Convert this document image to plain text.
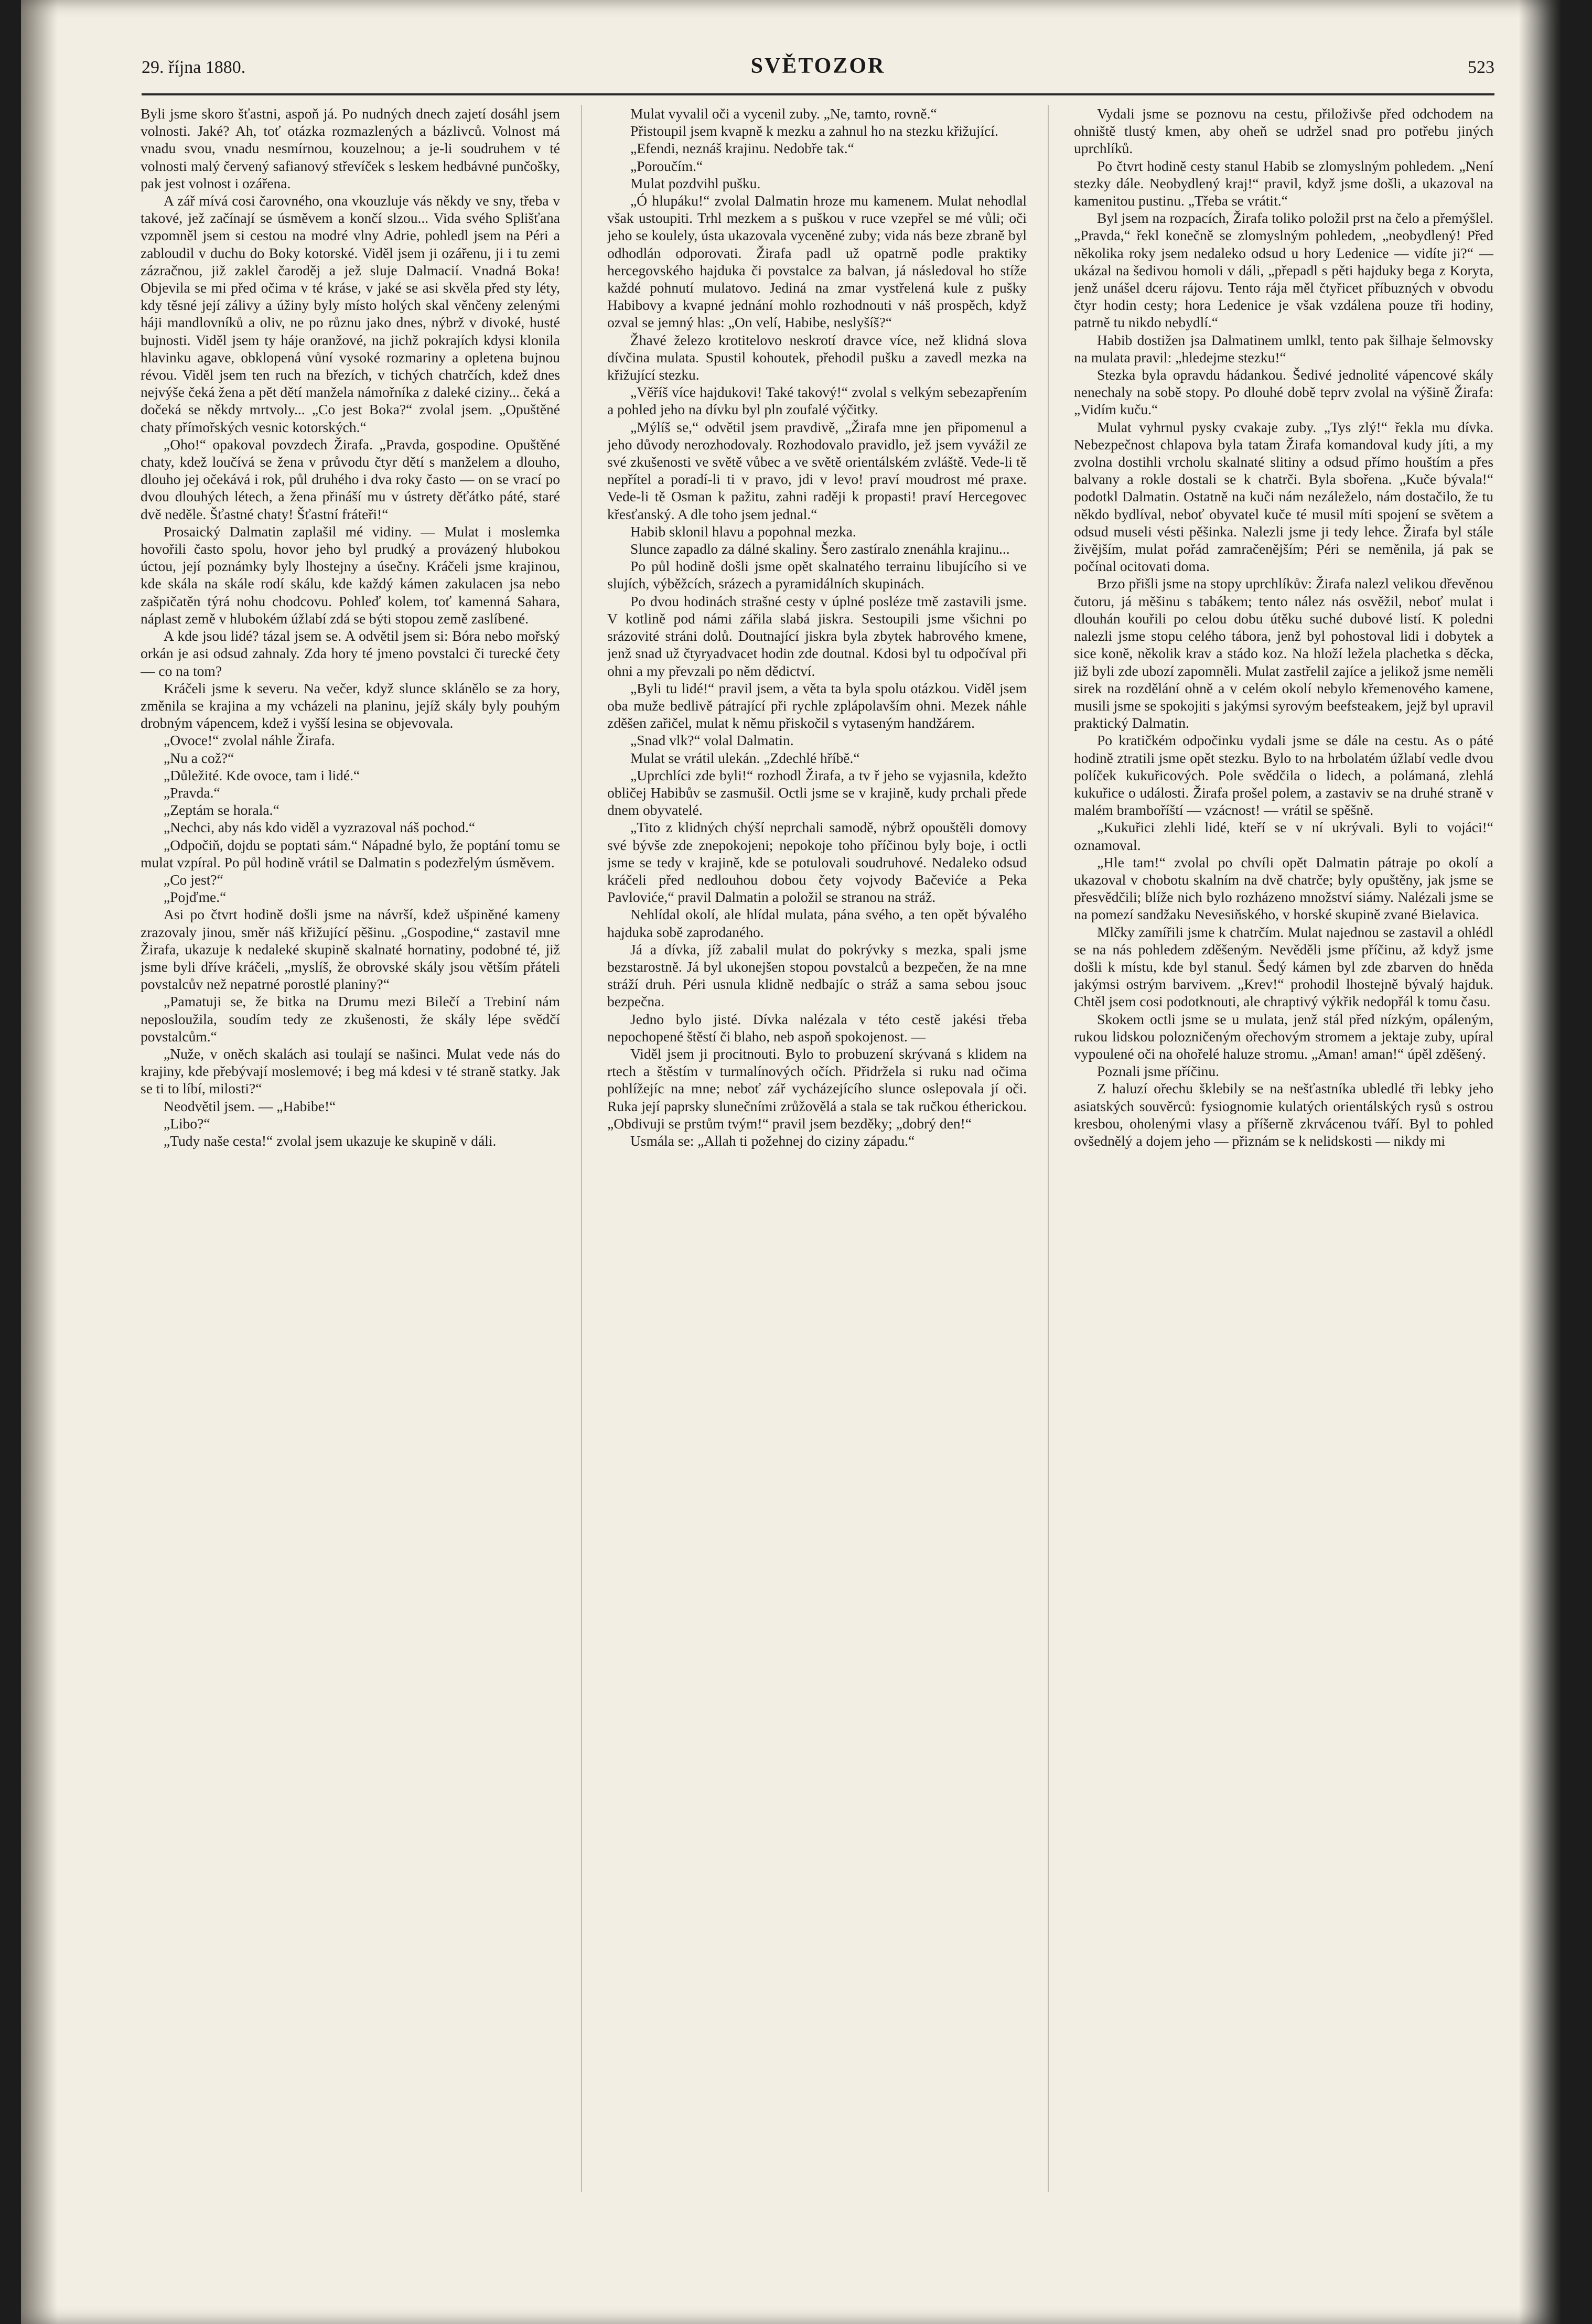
29. října 1880.	SVĚTOZOR	523

Byli jsme skoro šťastni, aspoň já. Po nudných dnech zajetí dosáhl jsem volnosti. Jaké? Ah, toť otázka rozmazlených a bázlivců. Volnost má vnadu svou, vnadu nesmírnou, kouzelnou; a je-li soudruhem v té volnosti malý červený safianový střevíček s leskem hedbávné punčošky, pak jest volnost i ozářena.

A zář mívá cosi čarovného, ona vkouzluje vás někdy ve sny, třeba v takové, jež začínají se úsměvem a končí slzou... Vida svého Splišťana vzpomněl jsem si cestou na modré vlny Adrie, pohledl jsem na Péri a zabloudil v duchu do Boky kotorské. Viděl jsem ji ozářenu, ji i tu zemi zázračnou, již zaklel čaroděj a jež sluje Dalmacií. Vnadná Boka! Objevila se mi před očima v té kráse, v jaké se asi skvěla před sty léty, kdy těsné její zálivy a úžiny byly místo holých skal věnčeny zelenými háji mandlovníků a oliv, ne po různu jako dnes, nýbrž v divoké, husté bujnosti. Viděl jsem ty háje oranžové, na jichž pokrajích kdysi klonila hlavinku agave, obklopená vůní vysoké rozmariny a opletena bujnou révou. Viděl jsem ten ruch na březích, v tichých chatrčích, kdež dnes nejvýše čeká žena a pět dětí manžela námořníka z daleké ciziny... čeká a dočeká se někdy mrtvoly... „Co jest Boka?“ zvolal jsem. „Opuštěné chaty přímořských vesnic kotorských.“

„Oho!“ opakoval povzdech Žirafa. „Pravda, gospodine. Opuštěné chaty, kdež loučívá se žena v průvodu čtyr dětí s manželem a dlouho, dlouho jej očekává i rok, půl druhého i dva roky často — on se vrací po dvou dlouhých létech, a žena přináší mu v ústrety děťátko páté, staré dvě neděle. Šťastné chaty! Šťastní fráteři!“

Prosaický Dalmatin zaplašil mé vidiny. — Mulat i moslemka hovořili často spolu, hovor jeho byl prudký a provázený hlubokou úctou, její poznámky byly lhostejny a úsečny. Kráčeli jsme krajinou, kde skála na skále rodí skálu, kde každý kámen zakulacen jsa nebo zašpičatěn týrá nohu chodcovu. Pohleď kolem, toť kamenná Sahara, náplast země v hlubokém úžlabí zdá se býti stopou země zaslíbené.

A kde jsou lidé? tázal jsem se. A odvětil jsem si: Bóra nebo mořský orkán je asi odsud zahnaly. Zda hory té jmeno povstalci či turecké čety — co na tom?

Kráčeli jsme k severu. Na večer, když slunce sklánělo se za hory, změnila se krajina a my vcházeli na planinu, jejíž skály byly pouhým drobným vápencem, kdež i vyšší lesina se objevovala.

„Ovoce!“ zvolal náhle Žirafa.

„Nu a což?“

„Důležité. Kde ovoce, tam i lidé.“

„Pravda.“

„Zeptám se horala.“

„Nechci, aby nás kdo viděl a vyzrazoval náš pochod.“

„Odpočiň, dojdu se poptati sám.“ Nápadné bylo, že poptání tomu se mulat vzpíral. Po půl hodině vrátil se Dalmatin s podezřelým úsměvem.

„Co jest?“

„Pojďme.“

Asi po čtvrt hodině došli jsme na návrší, kdež ušpiněné kameny zrazovaly jinou, směr náš křižující pěšinu. „Gospodine,“ zastavil mne Žirafa, ukazuje k nedaleké skupině skalnaté hornatiny, podobné té, již jsme byli dříve kráčeli, „myslíš, že obrovské skály jsou větším přáteli povstalcův než nepatrné porostlé planiny?“

„Pamatuji se, že bitka na Drumu mezi Bilečí a Trebiní nám neposloužila, soudím tedy ze zkušenosti, že skály lépe svědčí povstalcům.“

„Nuže, v oněch skalách asi toulají se našinci. Mulat vede nás do krajiny, kde přebývají moslemové; i beg má kdesi v té straně statky. Jak se ti to líbí, milosti?“

Neodvětil jsem. — „Habibe!“

„Libo?“

„Tudy naše cesta!“ zvolal jsem ukazuje ke skupině v dáli.

Mulat vyvalil oči a vycenil zuby. „Ne, tamto, rovně.“

Přistoupil jsem kvapně k mezku a zahnul ho na stezku křižující.

„Efendi, neznáš krajinu. Nedobře tak.“

„Poroučím.“

Mulat pozdvihl pušku.

„Ó hlupáku!“ zvolal Dalmatin hroze mu kamenem. Mulat nehodlal však ustoupiti. Trhl mezkem a s puškou v ruce vzepřel se mé vůli; oči jeho se koulely, ústa ukazovala vyceněné zuby; vida nás beze zbraně byl odhodlán odporovati. Žirafa padl už opatrně podle praktiky hercegovského hajduka či povstalce za balvan, já následoval ho stíže každé pohnutí mulatovo. Jediná na zmar vystřelená kule z pušky Habibovy a kvapné jednání mohlo rozhodnouti v náš prospěch, když ozval se jemný hlas: „On velí, Habibe, neslyšíš?“

Žhavé železo krotitelovo neskrotí dravce více, než klidná slova dívčina mulata. Spustil kohoutek, přehodil pušku a zavedl mezka na křižující stezku.

„Věříš více hajdukovi! Také takový!“ zvolal s velkým sebezapřením a pohled jeho na dívku byl pln zoufalé výčitky.

„Mýlíš se,“ odvětil jsem pravdivě, „Žirafa mne jen připomenul a jeho důvody nerozhodovaly. Rozhodovalo pravidlo, jež jsem vyvážil ze své zkušenosti ve světě vůbec a ve světě orientálském zvláště. Vede-li tě nepřítel a poradí-li ti v pravo, jdi v levo! praví moudrost mé praxe. Vede-li tě Osman k pažitu, zahni raději k propasti! praví Hercegovec křesťanský. A dle toho jsem jednal.“

Habib sklonil hlavu a popohnal mezka.

Slunce zapadlo za dálné skaliny. Šero zastíralo znenáhla krajinu...

Po půl hodině došli jsme opět skalnatého terrainu libujícího si ve slujích, výběžcích, srázech a pyramidálních skupinách.

Po dvou hodinách strašné cesty v úplné posléze tmě zastavili jsme. V kotlině pod námi zářila slabá jiskra. Sestoupili jsme všichni po srázovité stráni dolů. Doutnající jiskra byla zbytek habrového kmene, jenž snad už čtyryadvacet hodin zde doutnal. Kdosi byl tu odpočíval při ohni a my převzali po něm dědictví.

„Byli tu lidé!“ pravil jsem, a věta ta byla spolu otázkou. Viděl jsem oba muže bedlivě pátrající při rychle zplápolavším ohni. Mezek náhle zděšen zařičel, mulat k němu přiskočil s vytaseným handžárem.

„Snad vlk?“ volal Dalmatin.

Mulat se vrátil ulekán. „Zdechlé hříbě.“

„Uprchlíci zde byli!“ rozhodl Žirafa, a tv ř jeho se vyjasnila, kdežto obličej Habibův se zasmušil. Octli jsme se v krajině, kudy prchali přede dnem obyvatelé.

„Tito z klidných chýší neprchali samodě, nýbrž opouštěli domovy své bývše zde znepokojeni; nepokoje toho příčinou byly boje, i octli jsme se tedy v krajině, kde se potulovali soudruhové. Nedaleko odsud kráčeli před nedlouhou dobou čety vojvody Bačeviće a Peka Pavloviće,“ pravil Dalmatin a položil se stranou na stráž.

Nehlídal okolí, ale hlídal mulata, pána svého, a ten opět bývalého hajduka sobě zaprodaného.

Já a dívka, jíž zabalil mulat do pokrývky s mezka, spali jsme bezstarostně. Já byl ukonejšen stopou povstalců a bezpečen, že na mne stráží druh. Péri usnula klidně nedbajíc o stráž a sama sebou jsouc bezpečna.

Jedno bylo jisté. Dívka nalézala v této cestě jakési třeba nepochopené štěstí či blaho, neb aspoň spokojenost. —

Viděl jsem ji procitnouti. Bylo to probuzení skrývaná s klidem na rtech a štěstím v turmalínových očích. Přidržela si ruku nad očima pohlížejíc na mne; neboť zář vycházejícího slunce oslepovala jí oči. Ruka její paprsky slunečními zrůžovělá a stala se tak ručkou étherickou. „Obdivuji se prstům tvým!“ pravil jsem bezděky; „dobrý den!“

Usmála se: „Allah ti požehnej do ciziny západu.“

Vydali jsme se poznovu na cestu, přiloživše před odchodem na ohniště tlustý kmen, aby oheň se udržel snad pro potřebu jiných uprchlíků.

Po čtvrt hodině cesty stanul Habib se zlomyslným pohledem. „Není stezky dále. Neobydlený kraj!“ pravil, když jsme došli, a ukazoval na kamenitou pustinu. „Třeba se vrátit.“

Byl jsem na rozpacích, Žirafa toliko položil prst na čelo a přemýšlel. „Pravda,“ řekl konečně se zlomyslným pohledem, „neobydlený! Před několika roky jsem nedaleko odsud u hory Ledenice — vidíte ji?“ — ukázal na šedivou homoli v dáli, „přepadl s pěti hajduky bega z Koryta, jenž unášel dceru rájovu. Tento rája měl čtyřicet příbuzných v obvodu čtyr hodin cesty; hora Ledenice je však vzdálena pouze tři hodiny, patrně tu nikdo nebydlí.“

Habib dostižen jsa Dalmatinem umlkl, tento pak šilhaje šelmovsky na mulata pravil: „hledejme stezku!“

Stezka byla opravdu hádankou. Šedivé jednolité vápencové skály nenechaly na sobě stopy. Po dlouhé době teprv zvolal na výšině Žirafa: „Vidím kuču.“

Mulat vyhrnul pysky cvakaje zuby. „Tys zlý!“ řekla mu dívka. Nebezpečnost chlapova byla tatam Žirafa komandoval kudy jíti, a my zvolna dostihli vrcholu skalnaté slitiny a odsud přímo houštím a přes balvany a rokle dostali se k chatrči. Byla sbořena. „Kuče bývala!“ podotkl Dalmatin. Ostatně na kuči nám nezáleželo, nám dostačilo, že tu někdo bydlíval, neboť obyvatel kuče té musil míti spojení se světem a odsud museli vésti pěšinka. Nalezli jsme ji tedy lehce. Žirafa byl stále živějším, mulat pořád zamračenějším; Péri se neměnila, já pak se počínal ocitovati doma.

Brzo přišli jsme na stopy uprchlíkův: Žirafa nalezl velikou dřevěnou čutoru, já měšinu s tabákem; tento nález nás osvěžil, neboť mulat i dlouhán kouřili po celou dobu útěku suché dubové listí. K poledni nalezli jsme stopu celého tábora, jenž byl pohostoval lidi i dobytek a sice koně, několik krav a stádo koz. Na hloží ležela plachetka s děcka, již byli zde ubozí zapomněli. Mulat zastřelil zajíce a jelikož jsme neměli sirek na rozdělání ohně a v celém okolí nebylo křemenového kamene, musili jsme se spokojiti s jakýmsi syrovým beefsteakem, jejž byl upravil praktický Dalmatin.

Po kratičkém odpočinku vydali jsme se dále na cestu. As o páté hodině ztratili jsme opět stezku. Bylo to na hrbolatém úžlabí vedle dvou políček kukuřicových. Pole svědčila o lidech, a polámaná, zlehlá kukuřice o události. Žirafa prošel polem, a zastaviv se na druhé straně v malém bramboříští — vzácnost! — vrátil se spěšně.

„Kukuřici zlehli lidé, kteří se v ní ukrývali. Byli to vojáci!“ oznamoval.

„Hle tam!“ zvolal po chvíli opět Dalmatin pátraje po okolí a ukazoval v chobotu skalním na dvě chatrče; byly opuštěny, jak jsme se přesvědčili; blíže nich bylo rozházeno množství siámy. Nalézali jsme se na pomezí sandžaku Nevesiňského, v horské skupině zvané Bielavica.

Mlčky zamířili jsme k chatrčím. Mulat najednou se zastavil a ohlédl se na nás pohledem zděšeným. Nevěděli jsme příčinu, až když jsme došli k místu, kde byl stanul. Šedý kámen byl zde zbarven do hněda jakýmsi ostrým barvivem. „Krev!“ prohodil lhostejně bývalý hajduk. Chtěl jsem cosi podotknouti, ale chraptivý výkřik nedopřál k tomu času.

Skokem octli jsme se u mulata, jenž stál před nízkým, opáleným, rukou lidskou polozničeným ořechovým stromem a jektaje zuby, upíral vypoulené oči na ohořelé haluze stromu. „Aman! aman!“ úpěl zděšený.

Poznali jsme příčinu.

Z haluzí ořechu šklebily se na nešťastníka ubledlé tři lebky jeho asiatských souvěrců: fysiognomie kulatých orientálských rysů s ostrou kresbou, oholenými vlasy a příšerně zkrvácenou tváří. Byl to pohled ovšednělý a dojem jeho — přiznám se k nelidskosti — nikdy mi
